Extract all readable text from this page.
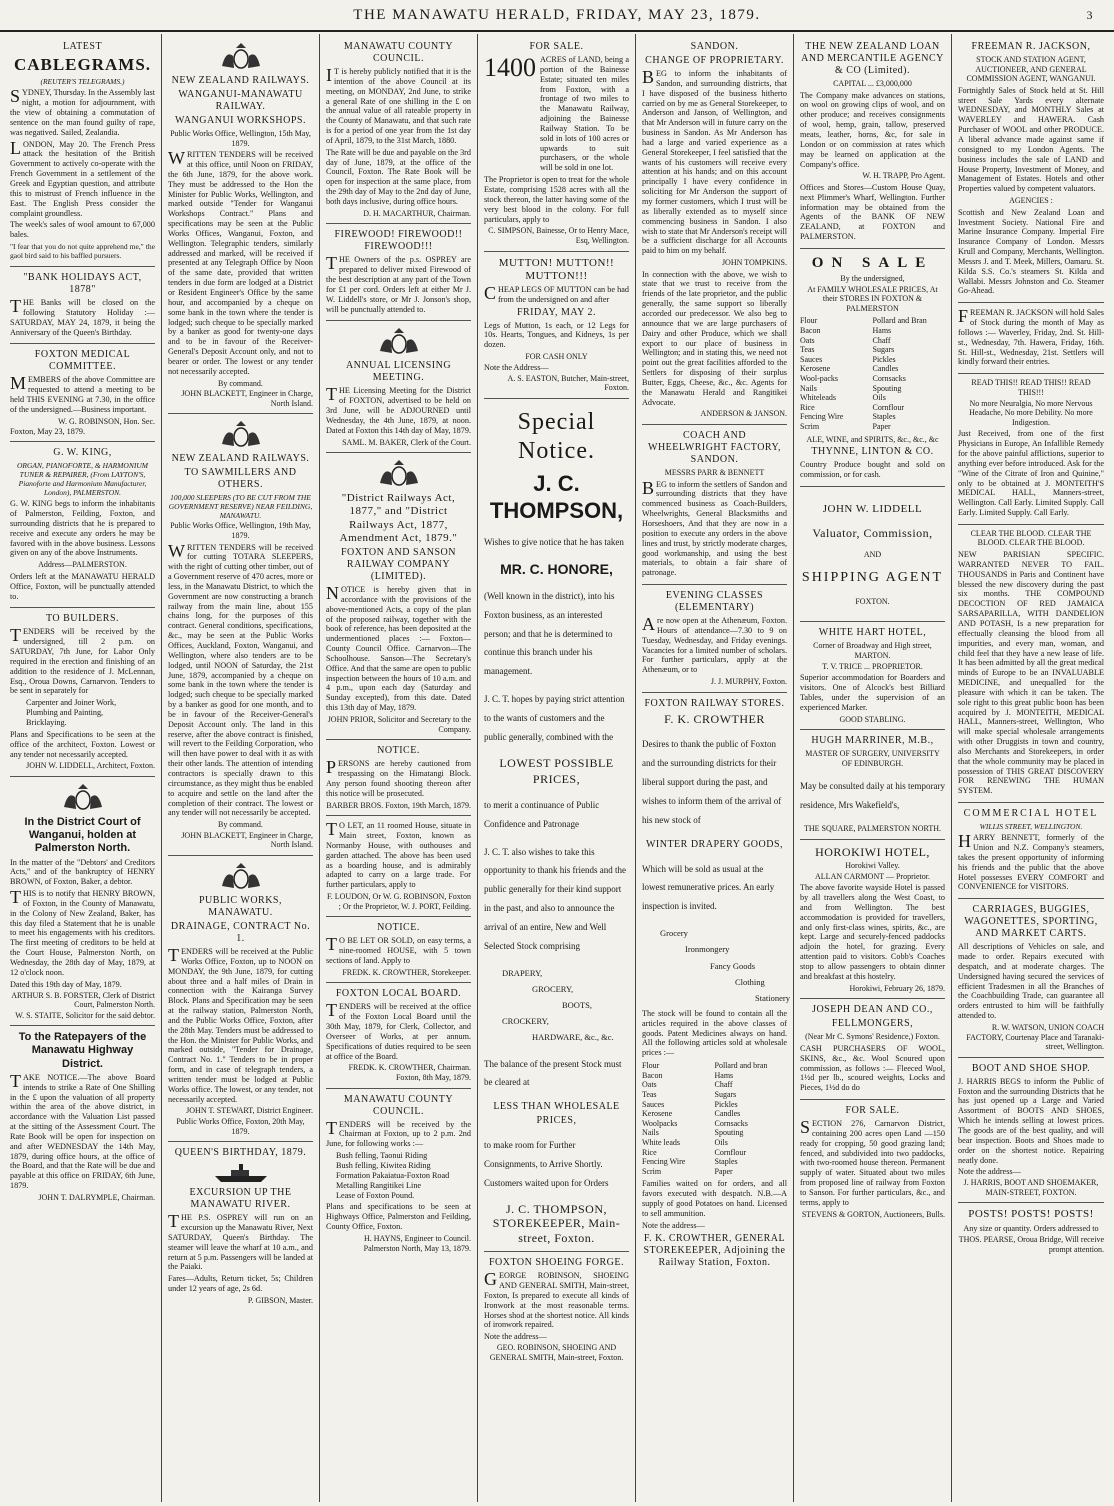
THE MANAWATU HERALD, FRIDAY, MAY 23, 1879.	3
LATEST
CABLEGRAMS.
(REUTER'S TELEGRAMS.)

SYDNEY, Thursday. In the Assembly last night, a motion for adjournment, with the view of obtaining a commutation of sentence on the man found guilty of rape, was negatived. Sailed, Zealandia.

LONDON, May 20. The French Press attack the hesitation of the British Government to actively co-operate with the French Government in a settlement of the Greek and Egyptian question, and attribute this to mistrust of French influence in the East. The English Press consider the complaint groundless.

The week's sales of wool amount to 67,000 bales.

"I fear that you do not quite apprehend me," the gaol bird said to his baffled pursuers.

"BANK HOLIDAYS ACT, 1878"

THE Banks will be closed on the following Statutory Holiday :— SATURDAY, MAY 24, 1879, it being the Anniversary of the Queen's Birthday.

FOXTON MEDICAL COMMITTEE.

MEMBERS of the above Committee are requested to attend a meeting to be held THIS EVENING at 7.30, in the office of the undersigned.—Business important.

W. G. ROBINSON, Hon. Sec.
Foxton, May 23, 1879.
G. W. KING,
ORGAN, PIANOFORTE, & HARMONIUM TUNER & REPAIRER, (From LAYTON'S, Pianoforte and Harmonium Manufacturer, London), PALMERSTON.

G. W. KING begs to inform the inhabitants of Palmerston, Feilding, Foxton, and surrounding districts that he is prepared to receive and execute any orders he may be favored with in the above business. Lessons given on any of the above Instruments.

Address—PALMERSTON.

Orders left at the MANAWATU HERALD Office, Foxton, will be punctually attended to.

TO BUILDERS.

TENDERS will be received by the undersigned, till 2 p.m. on SATURDAY, 7th June, for Labor Only required in the erection and finishing of an addition to the residence of J. McLennan, Esq., Oroua Downs, Carnarvon. Tenders to be sent in separately for

Carpenter and Joiner Work,
Plumbing and Painting,
Bricklaying.

Plans and Specifications to be seen at the office of the architect, Foxton. Lowest or any tender not necessarily accepted.

JOHN W. LIDDELL, Architect, Foxton.
In the District Court of Wanganui, holden at Palmerston North.

In the matter of the "Debtors' and Creditors Acts," and of the bankruptcy of HENRY BROWN, of Foxton, Baker, a debtor.

THIS is to notify that HENRY BROWN, of Foxton, in the County of Manawatu, in the Colony of New Zealand, Baker, has this day filed a Statement that he is unable to meet his engagements with his creditors. The first meeting of creditors to be held at the Court House, Palmerston North, on Wednesday, the 28th day of May, 1879, at 12 o'clock noon.

Dated this 19th day of May, 1879.
ARTHUR S. B. FORSTER, Clerk of District Court, Palmerston North.
W. S. STAITE, Solicitor for the said debtor.
To the Ratepayers of the Manawatu Highway District.

TAKE NOTICE.—The above Board intends to strike a Rate of One Shilling in the £ upon the valuation of all property within the area of the above district, in accordance with the Valuation List passed at the sitting of the Assessment Court. The Rate Book will be open for inspection on and after WEDNESDAY the 14th May, 1879, during office hours, at the office of the Board, and that the Rate will be due and payable at this office on FRIDAY, 6th June, 1879.

JOHN T. DALRYMPLE, Chairman.
NEW ZEALAND RAILWAYS.
WANGANUI-MANAWATU RAILWAY.
WANGANUI WORKSHOPS.
Public Works Office, Wellington, 15th May, 1879.

WRITTEN TENDERS will be received at this office, until Noon on FRIDAY, the 6th June, 1879, for the above work. They must be addressed to the Hon the Minister for Public Works, Wellington, and marked outside "Tender for Wanganui Workshops Contract." Plans and specifications may be seen at the Public Works Offices, Wanganui, Foxton, and Wellington. Telegraphic tenders, similarly addressed and marked, will be received if presented at any Telegraph Office by Noon of the same date, provided that written tenders in due form are lodged at a District or Resident Engineer's Office by the same hour, and accompanied by a cheque on some bank in the town where the tender is lodged; such cheque to be specially marked by a banker as good for twenty-one days and to be in favour of the Receiver-General's Deposit Account only, and not to bearer or order. The lowest or any tender not necessarily accepted.

By command.
JOHN BLACKETT, Engineer in Charge, North Island.
NEW ZEALAND RAILWAYS.
TO SAWMILLERS AND OTHERS.
100,000 SLEEPERS (TO BE CUT FROM THE GOVERNMENT RESERVE) NEAR FEILDING, MANAWATU.
Public Works Office, Wellington, 19th May, 1879.

WRITTEN TENDERS will be received for cutting TOTARA SLEEPERS, with the right of cutting other timber, out of a Government reserve of 470 acres, more or less, in the Manawatu District, to which the Government are now constructing a branch railway from the main line, about 155 chains long, for the purposes of this contract. General conditions, specifications, &c., may be seen at the Public Works Offices, Auckland, Foxton, Wanganui, and Wellington, where also tenders are to be lodged, until NOON of Saturday, the 21st June, 1879, accompanied by a cheque on some bank in the town where the tender is lodged; such cheque to be specially marked by a banker as good for one month, and to be in favour of the Receiver-General's Deposit Account only. The land in this reserve, after the above contract is finished, will revert to the Feilding Corporation, who will then have power to deal with it as with their other lands. The attention of intending contractors is specially drawn to this circumstance, as they might thus be enabled to acquire and settle on the land after the completion of their contract. The lowest or any tender will not necessarily be accepted.

By command.
JOHN BLACKETT, Engineer in Charge, North Island.
PUBLIC WORKS, MANAWATU.
DRAINAGE, CONTRACT No. 1.

TENDERS will be received at the Public Works Office, Foxton, up to NOON on MONDAY, the 9th June, 1879, for cutting about three and a half miles of Drain in connection with the Kairanga Survey Block. Plans and Specification may be seen at the railway station, Palmerston North, and the Public Works Office, Foxton, after the 28th May. Tenders must be addressed to the Hon. the Minister for Public Works, and marked outside, "Tender for Drainage, Contract No. 1." Tenders to be in proper form, and in case of telegraph tenders, a written tender must be lodged at Public Works office. The lowest, or any tender, not necessarily accepted.

JOHN T. STEWART, District Engineer.
Public Works Office, Foxton, 20th May, 1879.
QUEEN'S BIRTHDAY, 1879.
EXCURSION UP THE MANAWATU RIVER.

THE P.S. OSPREY will run on an excursion up the Manawatu River, Next SATURDAY, Queen's Birthday. The steamer will leave the wharf at 10 a.m., and return at 5 p.m. Passengers will be landed at the Paiaki.

Fares—Adults, Return ticket, 5s; Children under 12 years of age, 2s 6d.

P. GIBSON, Master.
MANAWATU COUNTY COUNCIL.

IT is hereby publicly notified that it is the intention of the above Council at its meeting, on MONDAY, 2nd June, to strike a general Rate of one shilling in the £ on the annual value of all rateable property in the County of Manawatu, and that such rate is for a period of one year from the 1st day of April, 1879, to the 31st March, 1880.

The Rate will be due and payable on the 3rd day of June, 1879, at the office of the Council, Foxton. The Rate Book will be open for inspection at the same place, from the 29th day of May to the 2nd day of June, both days inclusive, during office hours.

D. H. MACARTHUR, Chairman.
FIREWOOD! FIREWOOD!! FIREWOOD!!!

THE Owners of the p.s. OSPREY are prepared to deliver mixed Firewood of the best description at any part of the Town for £1 per cord. Orders left at either Mr J. W. Liddell's store, or Mr J. Jonson's shop, will be punctually attended to.

ANNUAL LICENSING MEETING.

THE Licensing Meeting for the District of FOXTON, advertised to be held on 3rd June, will be ADJOURNED until Wednesday, the 4th June, 1879, at noon. Dated at Foxton this 14th day of May, 1879.

SAML. M. BAKER, Clerk of the Court.
"District Railways Act, 1877," and "District Railways Act, 1877, Amendment Act, 1879."
FOXTON AND SANSON RAILWAY COMPANY (LIMITED).

NOTICE is hereby given that in accordance with the provisions of the above-mentioned Acts, a copy of the plan of the proposed railway, together with the book of reference, has been deposited at the undermentioned places :— Foxton—County Council Office. Carnarvon—The Schoolhouse. Sanson—The Secretary's Office. And that the same are open to public inspection between the hours of 10 a.m. and 4 p.m., upon each day (Saturday and Sunday excepted), from this date. Dated this 13th day of May, 1879.

JOHN PRIOR, Solicitor and Secretary to the Company.
NOTICE.

PERSONS are hereby cautioned from trespassing on the Himatangi Block. Any person found shooting thereon after this notice will be prosecuted.

BARBER BROS. Foxton, 19th March, 1879.

TO LET, an 11 roomed House, situate in Main street, Foxton, known as Normanby House, with outhouses and garden attached. The above has been used as a boarding house, and is admirably adapted to carry on a large trade. For further particulars, apply to

F. LOUDON, Or W. G. ROBINSON, Foxton ; Or the Proprietor, W. J. PORT, Feilding.
NOTICE.

TO BE LET OR SOLD, on easy terms, a nine-roomed HOUSE, with 5 town sections of land. Apply to

FREDK. K. CROWTHER, Storekeeper.
FOXTON LOCAL BOARD.

TENDERS will be received at the office of the Foxton Local Board until the 30th May, 1879, for Clerk, Collector, and Overseer of Works, at per annum. Specifications of duties required to be seen at office of the Board.

FREDK. K. CROWTHER, Chairman. Foxton, 8th May, 1879.
MANAWATU COUNTY COUNCIL.

TENDERS will be received by the Chairman at Foxton, up to 2 p.m. 2nd June, for following works :—

Bush felling, Taonui Riding
Bush felling, Kiwitea Riding
Formation Pakaiatua-Foxton Road
Metalling Rangitikei Line
Lease of Foxton Pound.

Plans and specifications to be seen at Highways Office, Palmerston and Feilding, County Office, Foxton.

H. HAYNS, Engineer to Council. Palmerston North, May 13, 1879.
FOR SALE.
1400 ACRES of LAND, being a portion of the Bainesse Estate; situated ten miles from Foxton, with a frontage of two miles to the Manawatu Railway, adjoining the Bainesse Railway Station. To be sold in lots of 100 acres or upwards to suit purchasers, or the whole will be sold in one lot.

The Proprietor is open to treat for the whole Estate, comprising 1528 acres with all the stock thereon, the latter having some of the very best blood in the colony. For full particulars, apply to

C. SIMPSON, Bainesse, Or to Henry Mace, Esq, Wellington.
MUTTON! MUTTON!! MUTTON!!!

CHEAP LEGS OF MUTTON can be had from the undersigned on and after

FRIDAY, MAY 2.

Legs of Mutton, 1s each, or 12 Legs for 10s. Hearts, Tongues, and Kidneys, 1s per dozen.

FOR CASH ONLY
Note the Address—
A. S. EASTON, Butcher, Main-street, Foxton.
Special Notice.
J. C. THOMPSON,

Wishes to give notice that he has taken

MR. C. HONORE,

(Well known in the district), into his Foxton business, as an interested person; and that he is determined to continue this branch under his management.

J. C. T. hopes by paying strict attention to the wants of customers and the public generally, combined with the

LOWEST POSSIBLE
PRICES,

to merit a continuance of Public Confidence and Patronage

J. C. T. also wishes to take this opportunity to thank his friends and the public generally for their kind support in the past, and also to announce the arrival of an entire, New and Well Selected Stock comprising

DRAPERY,
GROCERY,
BOOTS,
CROCKERY,
HARDWARE, &c., &c.

The balance of the present Stock must be cleared at

LESS THAN WHOLESALE
PRICES,

to make room for Further Consignments, to Arrive Shortly. Customers waited upon for Orders

J. C. THOMPSON, STOREKEEPER, Main-street, Foxton.
FOXTON SHOEING FORGE.

GEORGE ROBINSON, SHOEING AND GENERAL SMITH, Main-street, Foxton, Is prepared to execute all kinds of Ironwork at the most reasonable terms. Horses shod at the shortest notice. All kinds of ironwork repaired.

Note the address—
GEO. ROBINSON, SHOEING AND GENERAL SMITH, Main-street, Foxton.
SANDON.
CHANGE OF PROPRIETARY.

BEG to inform the inhabitants of Sandon, and surrounding districts, that I have disposed of the business hitherto carried on by me as General Storekeeper, to Anderson and Janson, of Wellington, and that Mr Anderson will in future carry on the business in Sandon. As Mr Anderson has had a large and varied experience as a General Storekeeper, I feel satisfied that the wants of his customers will receive every attention at his hands; and on this account principally I have every confidence in soliciting for Mr Anderson the support of my former customers, which I trust will be as liberally extended as to myself since commencing business in Sandon. I also wish to state that Mr Anderson's receipt will be a sufficient discharge for all Accounts paid to him on my behalf.

JOHN TOMPKINS.

In connection with the above, we wish to state that we trust to receive from the friends of the late proprietor, and the public generally, the same support so liberally accorded our predecessor. We also beg to announce that we are large purchasers of Dairy and other Produce, which we shall export to our place of business in Wellington; and in stating this, we need not point out the great facilities afforded to the Settlers for disposing of their surplus Butter, Eggs, Cheese, &c., &c. Agents for the Manawatu Herald and Rangitikei Advocate.

ANDERSON & JANSON.
COACH AND WHEELWRIGHT FACTORY, SANDON.
MESSRS PARR & BENNETT

BEG to inform the settlers of Sandon and surrounding districts that they have commenced business as Coach-Builders, Wheelwrights, General Blacksmiths and Horseshoers, And that they are now in a position to execute any orders in the above lines and trust, by strictly moderate charges, good workmanship, and using the best materials, to obtain a fair share of patronage.

EVENING CLASSES (ELEMENTARY)

Are now open at the Athenæum, Foxton. Hours of attendance—7.30 to 9 on Tuesday, Wednesday, and Friday evenings. Vacancies for a limited number of scholars. For further particulars, apply at the Athenæum, or to

J. J. MURPHY, Foxton.
FOXTON RAILWAY STORES.
F. K. CROWTHER

Desires to thank the public of Foxton and the surrounding districts for their liberal support during the past, and wishes to inform them of the arrival of his new stock of

WINTER DRAPERY GOODS,

Which will be sold as usual at the lowest remunerative prices. An early inspection is invited.

Grocery
Ironmongery
Fancy Goods
Clothing
Stationery

The stock will be found to contain all the articles required in the above classes of goods. Patent Medicines always on hand. All the following articles sold at wholesale prices :—

Flour	Pollard and bran
Bacon	Hams
Oats	Chaff
Teas	Sugars
Sauces	Pickles
Kerosene	Candles
Woolpacks	Cornsacks
Nails	Spouting
White leads	Oils
Rice	Cornflour
Fencing Wire	Staples
Scrim	Paper

Families waited on for orders, and all favors executed with despatch. N.B.—A supply of good Potatoes on hand. Licensed to sell ammunition.

Note the address—
F. K. CROWTHER, GENERAL STOREKEEPER, Adjoining the Railway Station, Foxton.
THE NEW ZEALAND LOAN AND MERCANTILE AGENCY & CO (Limited).
CAPITAL ... £3,000,000

The Company make advances on stations, on wool on growing clips of wool, and on other produce; and receives consignments of wool, hemp, grain, tallow, preserved meats, leather, horns, &c, for sale in London or on commission at rates which may be learned on application at the Company's office.

W. H. TRAPP, Pro Agent.

Offices and Stores—Custom House Quay, next Plimmer's Wharf, Wellington. Further information may be obtained from the Agents of the BANK OF NEW ZEALAND, at FOXTON and PALMERSTON.

ON SALE
By the undersigned,
At FAMILY WHOLESALE PRICES, At their STORES IN FOXTON & PALMERSTON
Flour	Pollard and Bran
Bacon	Hams
Oats	Chaff
Teas	Sugars
Sauces	Pickles
Kerosene	Candles
Wool-packs	Cornsacks
Nails	Spouting
Whiteleads	Oils
Rice	Cornflour
Fencing Wire	Staples
Scrim	Paper
ALE, WINE, and SPIRITS, &c., &c., &c
THYNNE, LINTON & CO.

Country Produce bought and sold on commission, or for cash.

JOHN W. LIDDELL
Valuator, Commission,
AND
SHIPPING AGENT
FOXTON.
WHITE HART HOTEL,
Corner of Broadway and High street, MARTON.
T. V. TRICE ... PROPRIETOR.

Superior accommodation for Boarders and visitors. One of Alcock's best Billiard Tables, under the supervision of an experienced Marker.

GOOD STABLING.
HUGH MARRINER, M.B.,
MASTER OF SURGERY, UNIVERSITY OF EDINBURGH.

May be consulted daily at his temporary residence, Mrs Wakefield's,

THE SQUARE, PALMERSTON NORTH.
HOROKIWI HOTEL,
Horokiwi Valley.
ALLAN CARMONT — Proprietor.

The above favorite wayside Hotel is passed by all travellers along the West Coast, to and from Wellington. The best accommodation is provided for travellers, and only first-class wines, spirits, &c., are kept. Large and securely-fenced paddocks adjoin the hotel, for grazing. Every attention paid to visitors. Cobb's Coaches stop to allow passengers to obtain dinner and breakfast at this hostelry.

Horokiwi, February 26, 1879.
JOSEPH DEAN AND CO.,
FELLMONGERS,
(Near Mr C. Symons' Residence,) Foxton.

CASH PURCHASERS OF WOOL, SKINS, &c., &c. Wool Scoured upon commission, as follows :— Fleeced Wool, 1½d per lb., scoured weights, Locks and Pieces, 1½d do do

FOR SALE.

SECTION 276, Carnarvon District, containing 200 acres open Land —150 ready for cropping, 50 good grazing land; fenced, and subdivided into two paddocks, with two-roomed house thereon. Permanent supply of water. Situated about two miles from proposed line of railway from Foxton to Sanson. For further particulars, &c., and terms, apply to

STEVENS & GORTON, Auctioneers, Bulls.
FREEMAN R. JACKSON,
STOCK AND STATION AGENT, AUCTIONEER, AND GENERAL COMMISSION AGENT, WANGANUI.

Fortnightly Sales of Stock held at St. Hill street Sale Yards every alternate WEDNESDAY, and MONTHLY Sales at WAVERLEY and HAWERA. Cash Purchaser of WOOL and other PRODUCE. A liberal advance made against same if consigned to my London Agents. The business includes the sale of LAND and House Property, Investment of Money, and Management of Estates. Hotels and other Properties valued by competent valuators.

AGENCIES :

Scottish and New Zealand Loan and Investment Society. National Fire and Marine Insurance Company. Imperial Fire Insurance Company of London. Messrs Krull and Company, Merchants, Wellington. Messrs J. and T. Meek, Millers, Oamaru. St. Kilda S.S. Co.'s steamers St. Kilda and Wallabi. Messrs Johnston and Co. Steamer Go-Ahead.

FREEMAN R. JACKSON will hold Sales of Stock during the month of May as follows :— Waverley, Friday, 2nd. St. Hill-st., Wednesday, 7th. Hawera, Friday, 16th. St. Hill-st., Wednesday, 21st. Settlers will kindly forward their entries.

READ THIS!! READ THIS!! READ THIS!!!
No more Neuralgia, No more Nervous Headache, No more Debility. No more Indigestion.

Just Received, from one of the first Physicians in Europe, An Infallible Remedy for the above painful afflictions, superior to anything ever before introduced. Ask for the "Wine of the Citrate of Iron and Quinine," only to be obtained at J. MONTEITH'S MEDICAL HALL, Manners-street, Wellington. Call Early. Limited Supply. Call Early. Limited Supply. Call Early.

CLEAR THE BLOOD. CLEAR THE BLOOD. CLEAR THE BLOOD.

NEW PARISIAN SPECIFIC. WARRANTED NEVER TO FAIL. THOUSANDS in Paris and Continent have blessed the new discovery during the past six months. THE COMPOUND DECOCTION OF RED JAMAICA SARSAPARILLA, WITH DANDELION AND POTASH, Is a new preparation for effectually cleansing the blood from all impurities, and every man, woman, and child feel that they have a new lease of life. It has been admitted by all the great medical minds of Europe to be an INVALUABLE MEDICINE, and unequalled for the pleasure with which it can be taken. The sole right to this great public boon has been acquired by J. MONTEITH, MEDICAL HALL, Manners-street, Wellington, Who will make special wholesale arrangements with other Druggists in town and country, also Merchants and Storekeepers, in order that the whole community may be placed in possession of THIS GREAT DISCOVERY FOR RENEWING THE HUMAN SYSTEM.

COMMERCIAL HOTEL
WILLIS STREET, WELLINGTON.

HARRY BENNETT, formerly of the Union and N.Z. Company's steamers, takes the present opportunity of informing his friends and the public that the above Hotel possesses EVERY COMFORT and CONVENIENCE for VISITORS.

CARRIAGES, BUGGIES, WAGONETTES, SPORTING, AND MARKET CARTS.

All descriptions of Vehicles on sale, and made to order. Repairs executed with despatch, and at moderate charges. The Undersigned having secured the services of efficient Tradesmen in all the Branches of the Coachbuilding Trade, can guarantee all orders entrusted to him will be faithfully attended to.

R. W. WATSON, UNION COACH FACTORY, Courtenay Place and Taranaki-street, Wellington.
BOOT AND SHOE SHOP.

J. HARRIS BEGS to inform the Public of Foxton and the surrounding Districts that he has just opened up a Large and Varied Assortment of BOOTS AND SHOES, Which he intends selling at lowest prices. The goods are of the best quality, and will bear inspection. Boots and Shoes made to order on the shortest notice. Repairing neatly done.

Note the address—
J. HARRIS, BOOT AND SHOEMAKER, MAIN-STREET, FOXTON.
POSTS! POSTS! POSTS!

Any size or quantity. Orders addressed to

THOS. PEARSE, Oroua Bridge, Will receive prompt attention.
